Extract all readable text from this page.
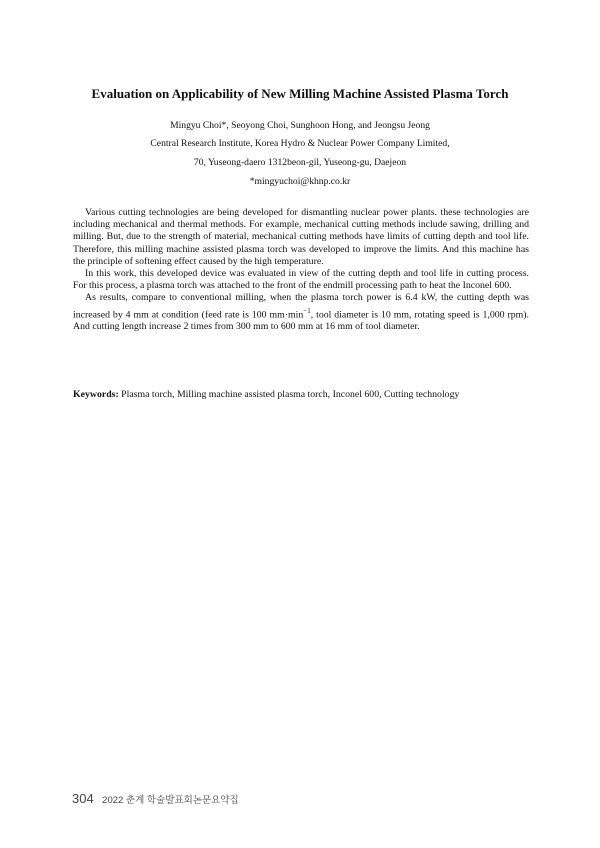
Evaluation on Applicability of New Milling Machine Assisted Plasma Torch
Mingyu Choi*, Seoyong Choi, Sunghoon Hong, and Jeongsu Jeong
Central Research Institute, Korea Hydro & Nuclear Power Company Limited,
70, Yuseong-daero 1312beon-gil, Yuseong-gu, Daejeon
*mingyuchoi@khnp.co.kr

Various cutting technologies are being developed for dismantling nuclear power plants. these technologies are including mechanical and thermal methods. For example, mechanical cutting methods include sawing, drilling and milling. But, due to the strength of material, mechanical cutting methods have limits of cutting depth and tool life. Therefore, this milling machine assisted plasma torch was developed to improve the limits. And this machine has the principle of softening effect caused by the high temperature.

In this work, this developed device was evaluated in view of the cutting depth and tool life in cutting process. For this process, a plasma torch was attached to the front of the endmill processing path to heat the Inconel 600.

As results, compare to conventional milling, when the plasma torch power is 6.4 kW, the cutting depth was increased by 4 mm at condition (feed rate is 100 $mm\cdot\min^{-1}$, tool diameter is 10 mm, rotating speed is 1,000 rpm). And cutting length increase 2 times from 300 mm to 600 mm at 16 mm of tool diameter.

Keywords: Plasma torch, Milling machine assisted plasma torch, Inconel 600, Cutting technology
304 2022 춘계 학술발표회논문요약집
